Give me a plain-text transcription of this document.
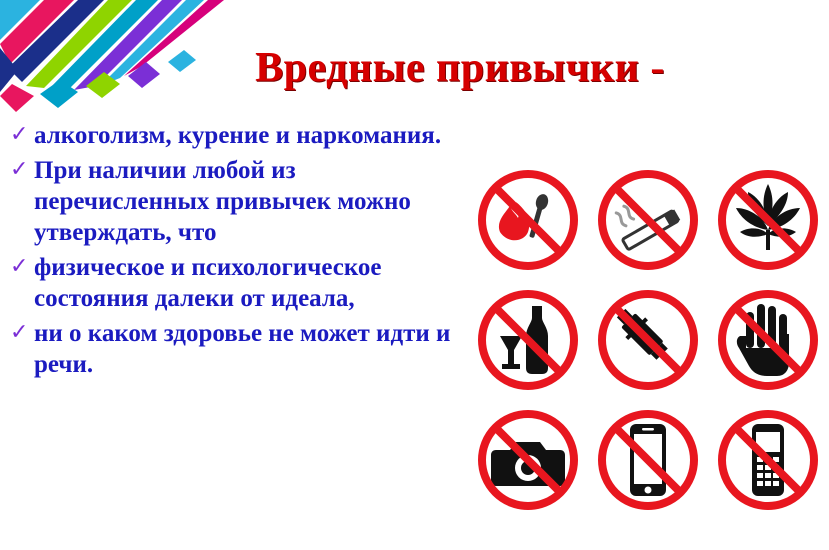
Вредные привычки -
✓ алкоголизм, курение и наркомания.
✓ При наличии любой из перечисленных привычек можно утверждать, что
✓ физическое и психологическое состояния далеки от идеала,
✓ ни о каком здоровье не может идти и речи.
